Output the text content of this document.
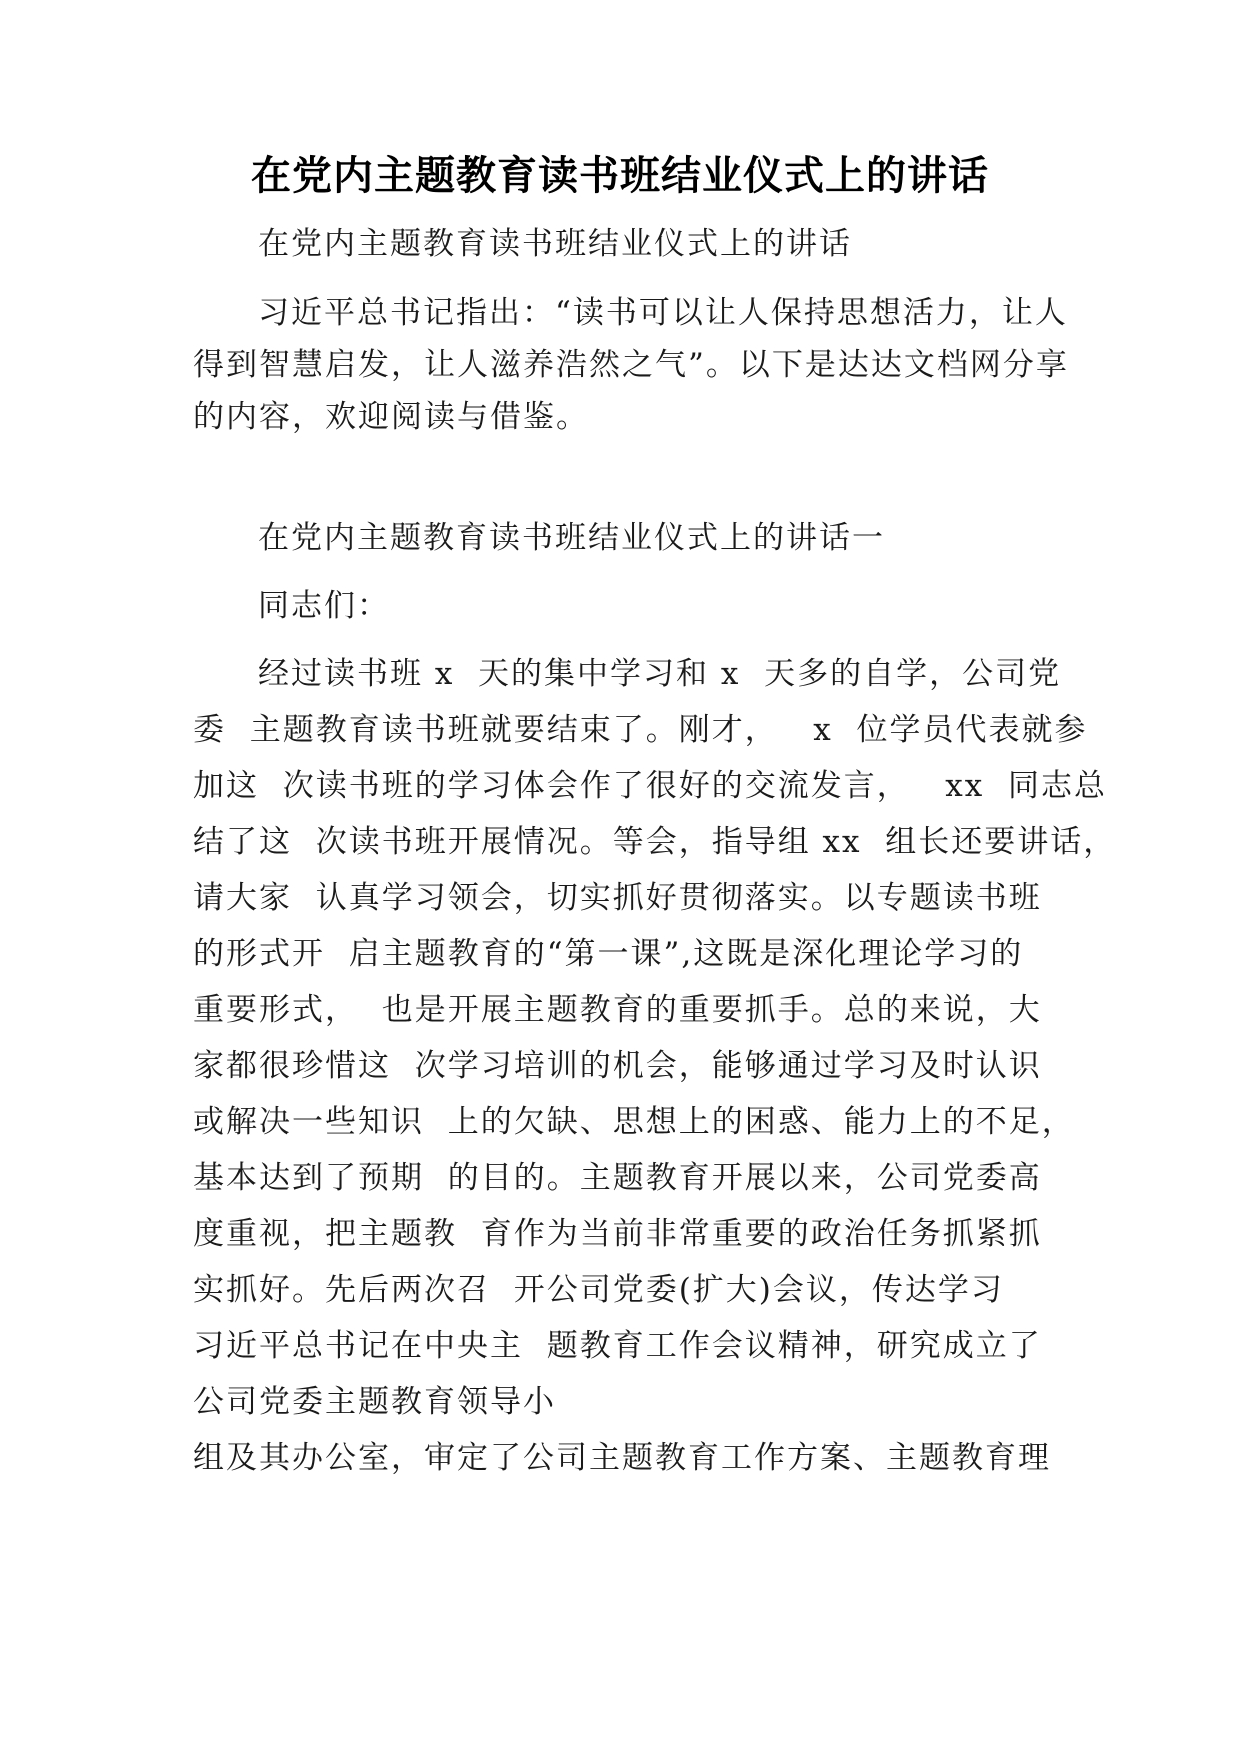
在党内主题教育读书班结业仪式上的讲话
在党内主题教育读书班结业仪式上的讲话
习近平总书记指出：“读书可以让人保持思想活力，让人
得到智慧启发，让人滋养浩然之气”。以下是达达文档网分享
的内容，欢迎阅读与借鉴。
在党内主题教育读书班结业仪式上的讲话一
同志们：
经过读书班 x  天的集中学习和 x  天多的自学，公司党
委  主题教育读书班就要结束了。刚才，   x  位学员代表就参
加这  次读书班的学习体会作了很好的交流发言，   xx  同志总
结了这  次读书班开展情况。等会，指导组 xx  组长还要讲话，
请大家  认真学习领会，切实抓好贯彻落实。以专题读书班
的形式开  启主题教育的“第一课”,这既是深化理论学习的
重要形式，  也是开展主题教育的重要抓手。总的来说，大
家都很珍惜这  次学习培训的机会，能够通过学习及时认识
或解决一些知识  上的欠缺、思想上的困惑、能力上的不足，
基本达到了预期  的目的。主题教育开展以来，公司党委高
度重视，把主题教  育作为当前非常重要的政治任务抓紧抓
实抓好。先后两次召  开公司党委(扩大)会议，传达学习
习近平总书记在中央主  题教育工作会议精神，研究成立了
公司党委主题教育领导小
组及其办公室，审定了公司主题教育工作方案、主题教育理
